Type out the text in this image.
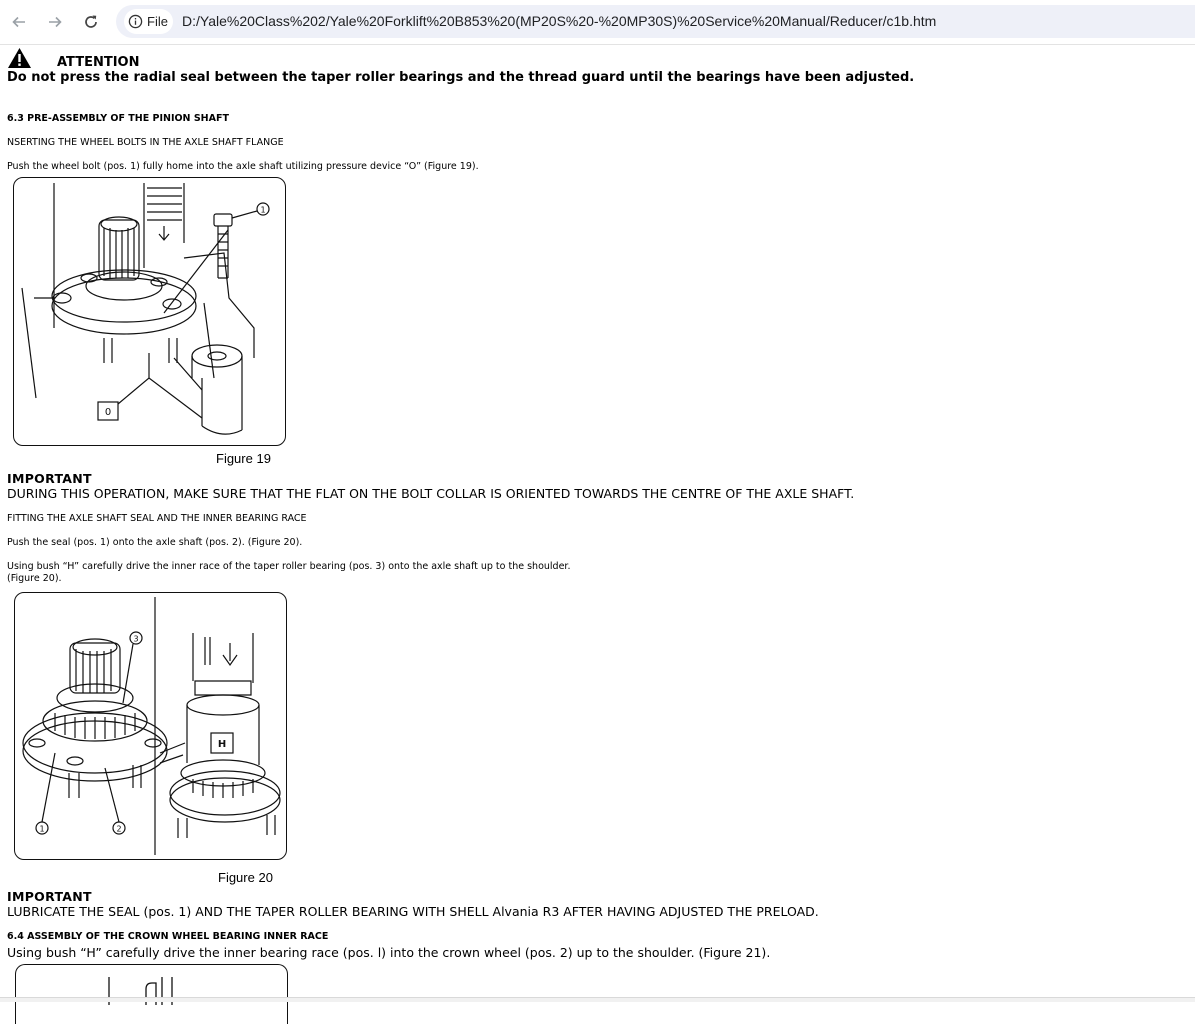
File D:/Yale%20Class%202/Yale%20Forklift%20B853%20(MP20S%20-%20MP30S)%20Service%20Manual/Reducer/c1b.htm
ATTENTION
Do not press the radial seal between the taper roller bearings and the thread guard until the bearings have been adjusted.
6.3 PRE-ASSEMBLY OF THE PINION SHAFT
NSERTING THE WHEEL BOLTS IN THE AXLE SHAFT FLANGE
Push the wheel bolt (pos. 1) fully home into the axle shaft utilizing pressure device “O” (Figure 19).
0
1
Figure 19
IMPORTANT
DURING THIS OPERATION, MAKE SURE THAT THE FLAT ON THE BOLT COLLAR IS ORIENTED TOWARDS THE CENTRE OF THE AXLE SHAFT.
FITTING THE AXLE SHAFT SEAL AND THE INNER BEARING RACE
Push the seal (pos. 1) onto the axle shaft (pos. 2). (Figure 20).
Using bush “H” carefully drive the inner race of the taper roller bearing (pos. 3) onto the axle shaft up to the shoulder.
(Figure 20).
H
3
1	2
Figure 20
IMPORTANT
LUBRICATE THE SEAL (pos. 1) AND THE TAPER ROLLER BEARING WITH SHELL Alvania R3 AFTER HAVING ADJUSTED THE PRELOAD.
6.4 ASSEMBLY OF THE CROWN WHEEL BEARING INNER RACE
Using bush “H” carefully drive the inner bearing race (pos. l) into the crown wheel (pos. 2) up to the shoulder. (Figure 21).
